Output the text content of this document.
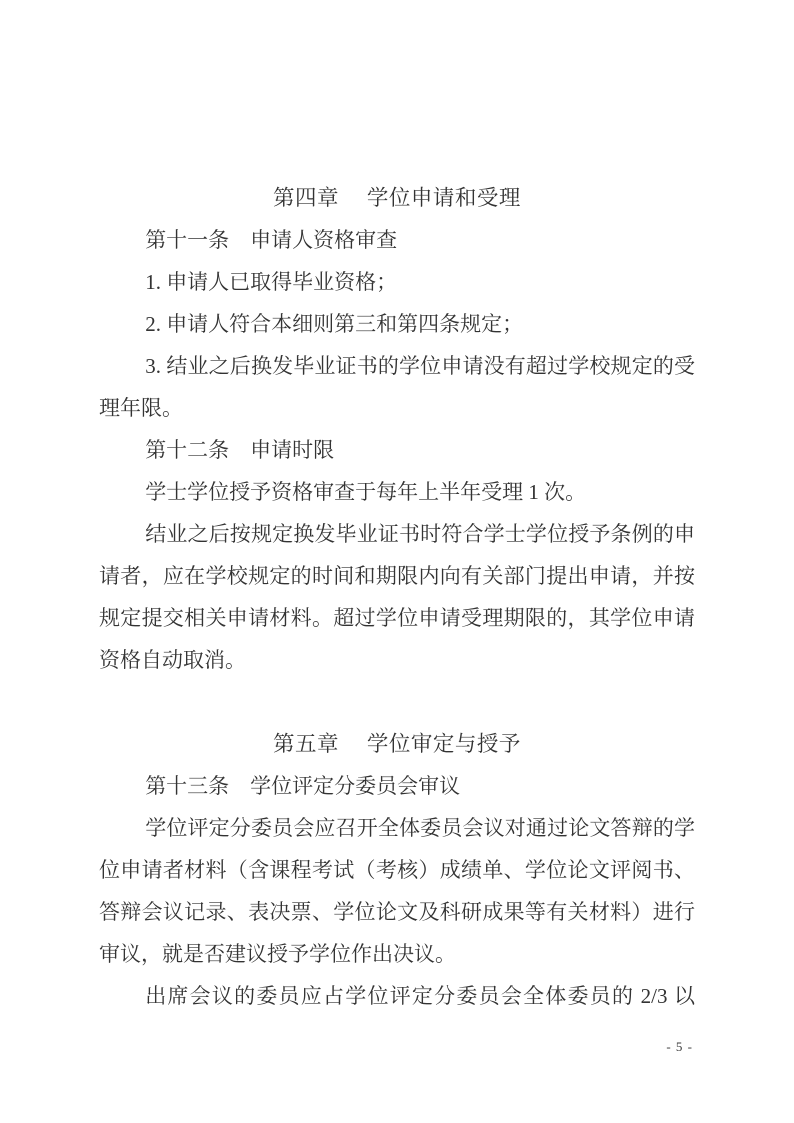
第四章　 学位申请和受理

第十一条　申请人资格审查

1. 申请人已取得毕业资格；

2. 申请人符合本细则第三和第四条规定；

3. 结业之后换发毕业证书的学位申请没有超过学校规定的受理年限。

第十二条　申请时限

学士学位授予资格审查于每年上半年受理 1 次。

结业之后按规定换发毕业证书时符合学士学位授予条例的申请者，应在学校规定的时间和期限内向有关部门提出申请，并按规定提交相关申请材料。超过学位申请受理期限的，其学位申请资格自动取消。

第五章　 学位审定与授予

第十三条　学位评定分委员会审议

学位评定分委员会应召开全体委员会议对通过论文答辩的学位申请者材料（含课程考试（考核）成绩单、学位论文评阅书、答辩会议记录、表决票、学位论文及科研成果等有关材料）进行审议，就是否建议授予学位作出决议。

出席会议的委员应占学位评定分委员会全体委员的 2/3 以

- 5 -
